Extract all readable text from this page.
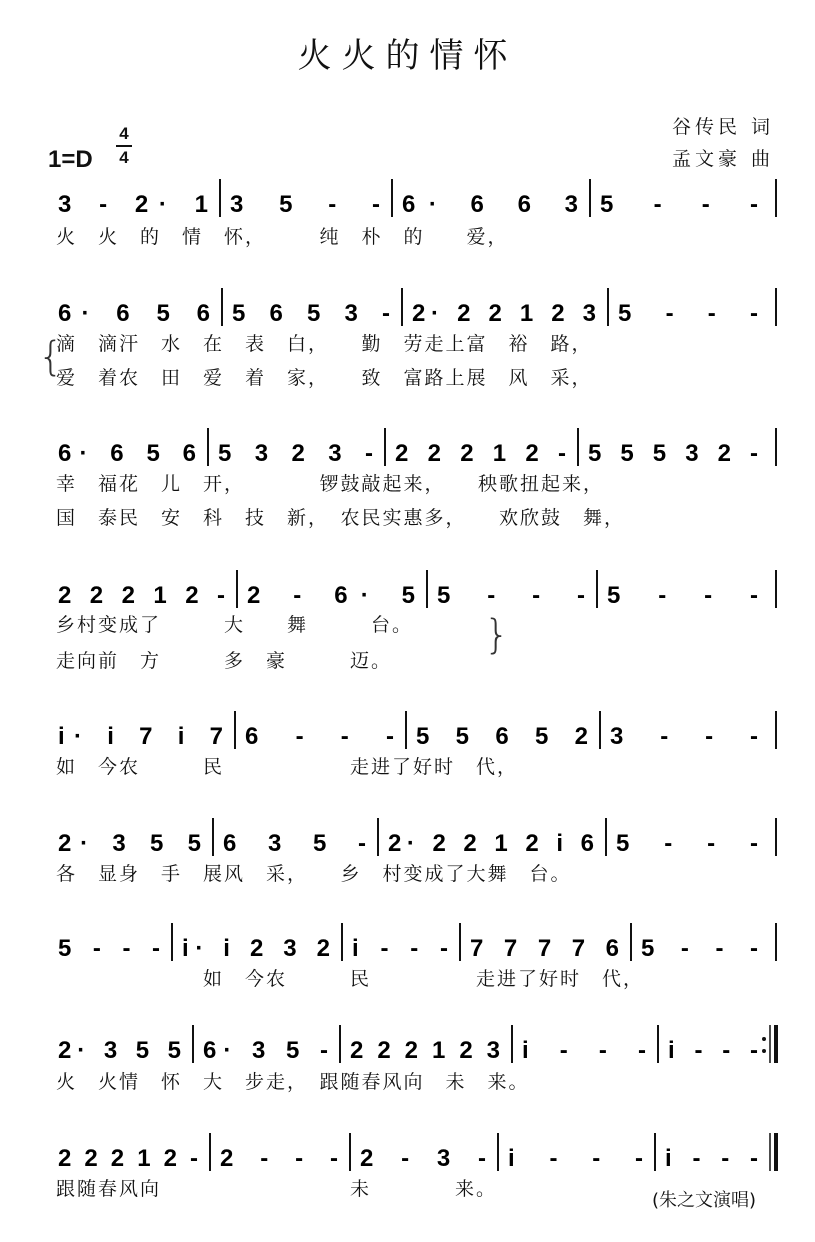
火火的情怀
谷传民 词
孟文豪 曲
1=D
4
4
3 - 2· 1 3 5 - - 6· 6 6 3 5 - - -
火　火　的　情　怀，　　　纯　朴　的　　爱，
6· 6 5 6 5 6 5 3 - 2· 2 2 1 2 3 5 - - -
滴　滴汗　水　在　表　白，　　勤　劳走上富　裕　路，
爱　着农　田　爱　着　家，　　致　富路上展　风　采，
6· 6 5 6 5 3 2 3 - 2 2 2 1 2 - 5 5 5 3 2 -
幸　福花　儿　开，　　　　锣鼓敲起来，　　秧歌扭起来，
国　泰民　安　科　技　新，　农民实惠多，　　欢欣鼓　舞，
2 2 2 1 2 - 2 - 6· 5 5 - - - 5 - - -
乡村变成了　　　大　　舞　　　台。
走向前　方　　　多　豪　　　迈。
i· i 7 i 7 6 - - - 5 5 6 5 2 3 - - -
如　今农　　　民　　　　　　走进了好时　代，
2· 3 5 5 6 3 5 - 2· 2 2 1 2 i 6 5 - - -
各　显身　手　展风　采，　　乡　村变成了大舞　台。
5 - - - i· i 2 3 2 i - - - 7 7 7 7 6 5 - - -
　　　　　　　如　今农　　　民　　　　　走进了好时　代，
2· 3 5 5 6· 3 5 - 2 2 2 1 2 3 i - - - i - - -
火　火情　怀　大　步走，　跟随春风向　未　来。
2 2 2 1 2 - 2 - - - 2 - 3 - i - - - i - - -
跟随春风向　　　　　　　　　未　　　　来。
{
}
(朱之文演唱)
